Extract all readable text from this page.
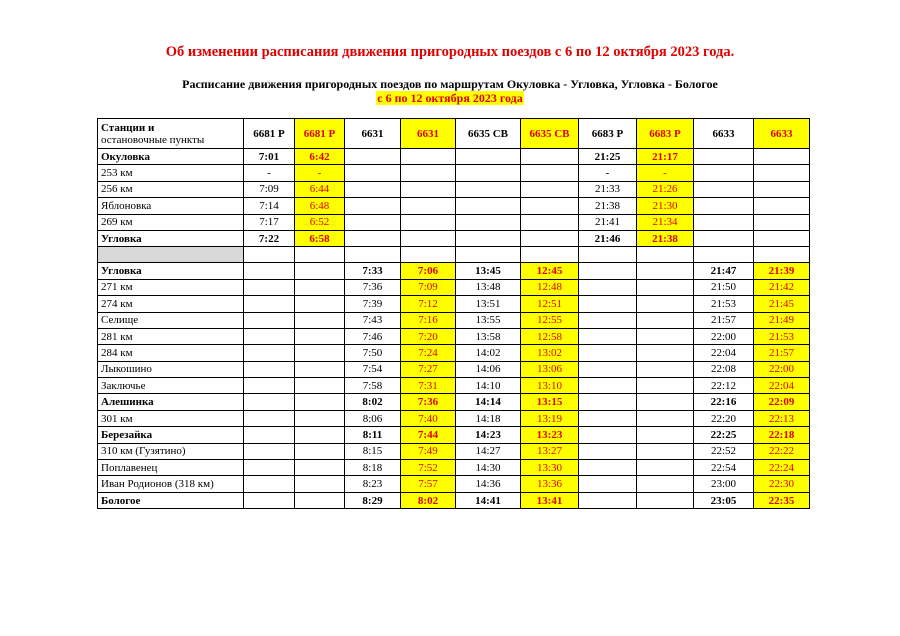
Об изменении расписания движения пригородных поездов с 6 по 12 октября 2023 года.
Расписание движения пригородных поездов по маршрутам Окуловка - Угловка, Угловка - Бологое
с 6 по 12 октября 2023 года
Станции и
остановочные пункты	6681 Р	6681 Р	6631	6631	6635 СВ	6635 СВ	6683 Р	6683 Р	6633	6633
Окуловка	7:01	6:42					21:25	21:17		
253 км	-	-					-	-		
256 км	7:09	6:44					21:33	21:26		
Яблоновка	7:14	6:48					21:38	21:30		
269 км	7:17	6:52					21:41	21:34		
Угловка	7:22	6:58					21:46	21:38		

Угловка			7:33	7:06	13:45	12:45			21:47	21:39
271 км			7:36	7:09	13:48	12:48			21:50	21:42
274 км			7:39	7:12	13:51	12:51			21:53	21:45
Селище			7:43	7:16	13:55	12:55			21:57	21:49
281 км			7:46	7:20	13:58	12:58			22:00	21:53
284 км			7:50	7:24	14:02	13:02			22:04	21:57
Лыкошино			7:54	7:27	14:06	13:06			22:08	22:00
Заключье			7:58	7:31	14:10	13:10			22:12	22:04
Алешинка			8:02	7:36	14:14	13:15			22:16	22:09
301 км			8:06	7:40	14:18	13:19			22:20	22:13
Березайка			8:11	7:44	14:23	13:23			22:25	22:18
310 км (Гузятино)			8:15	7:49	14:27	13:27			22:52	22:22
Поплавенец			8:18	7:52	14:30	13:30			22:54	22:24
Иван Родионов (318 км)			8:23	7:57	14:36	13:36			23:00	22:30
Бологое			8:29	8:02	14:41	13:41			23:05	22:35
